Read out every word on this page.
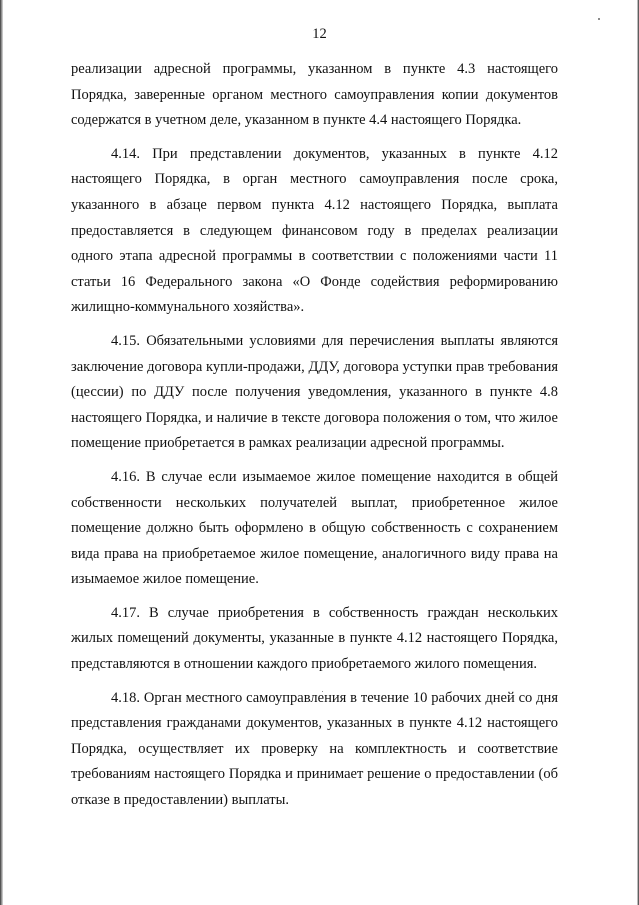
12

реализации адресной программы, указанном в пункте 4.3 настоящего Порядка, заверенные органом местного самоуправления копии документов содержатся в учетном деле, указанном в пункте 4.4 настоящего Порядка.

4.14. При представлении документов, указанных в пункте 4.12 настоящего Порядка, в орган местного самоуправления после срока, указанного в абзаце первом пункта 4.12 настоящего Порядка, выплата предоставляется в следующем финансовом году в пределах реализации одного этапа адресной программы в соответствии с положениями части 11 статьи 16 Федерального закона «О Фонде содействия реформированию жилищно-коммунального хозяйства».

4.15. Обязательными условиями для перечисления выплаты являются заключение договора купли-продажи, ДДУ, договора уступки прав требования (цессии) по ДДУ после получения уведомления, указанного в пункте 4.8 настоящего Порядка, и наличие в тексте договора положения о том, что жилое помещение приобретается в рамках реализации адресной программы.

4.16. В случае если изымаемое жилое помещение находится в общей собственности нескольких получателей выплат, приобретенное жилое помещение должно быть оформлено в общую собственность с сохранением вида права на приобретаемое жилое помещение, аналогичного виду права на изымаемое жилое помещение.

4.17. В случае приобретения в собственность граждан нескольких жилых помещений документы, указанные в пункте 4.12 настоящего Порядка, представляются в отношении каждого приобретаемого жилого помещения.

4.18. Орган местного самоуправления в течение 10 рабочих дней со дня представления гражданами документов, указанных в пункте 4.12 настоящего Порядка, осуществляет их проверку на комплектность и соответствие требованиям настоящего Порядка и принимает решение о предоставлении (об отказе в предоставлении) выплаты.
